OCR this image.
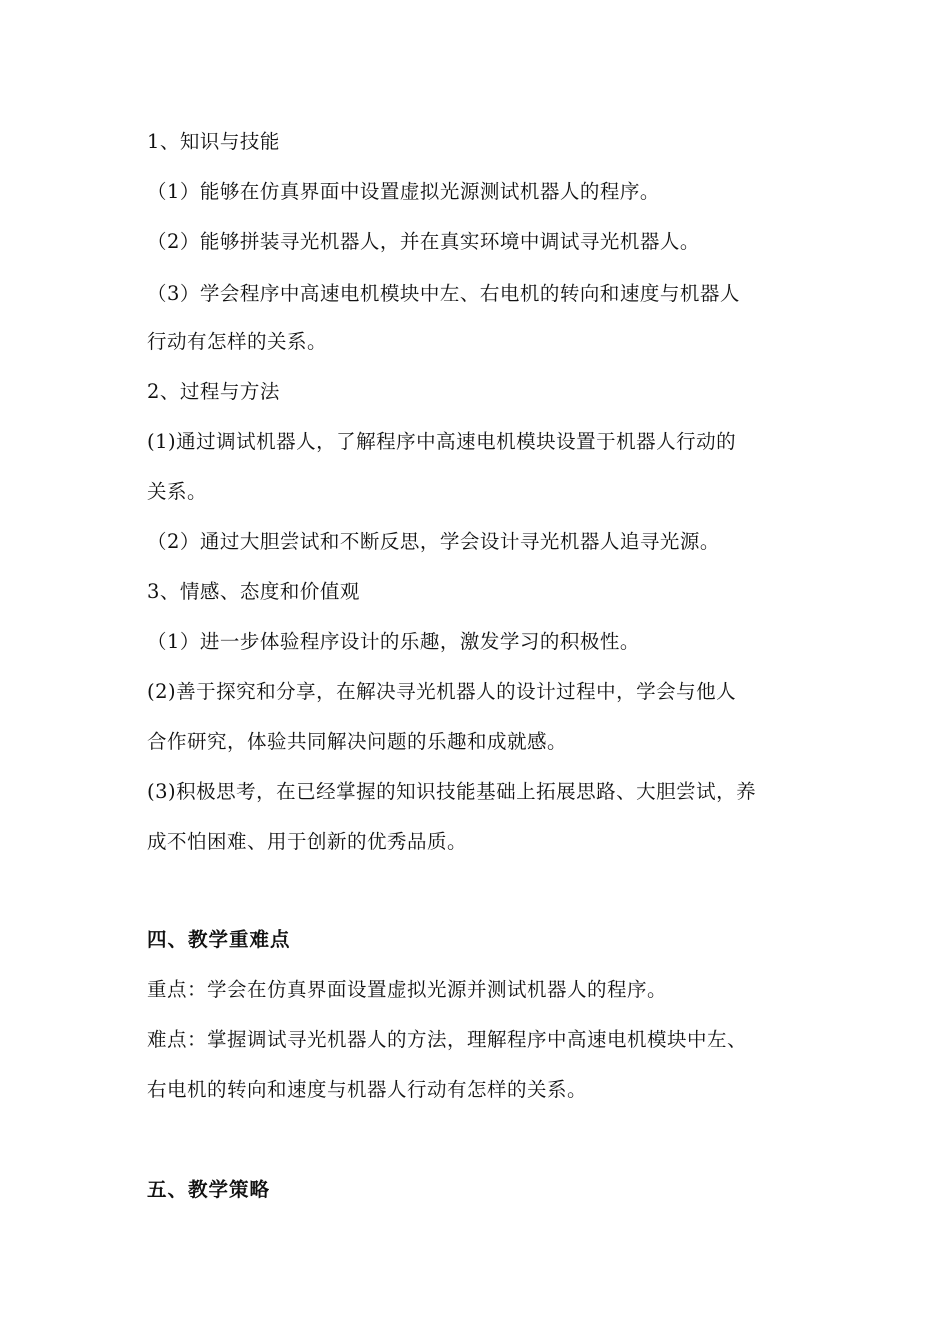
1、知识与技能
（1）能够在仿真界面中设置虚拟光源测试机器人的程序。
（2）能够拼装寻光机器人，并在真实环境中调试寻光机器人。
（3）学会程序中高速电机模块中左、右电机的转向和速度与机器人
行动有怎样的关系。
2、过程与方法
(1)通过调试机器人，了解程序中高速电机模块设置于机器人行动的
关系。
（2）通过大胆尝试和不断反思，学会设计寻光机器人追寻光源。
3、情感、态度和价值观
（1）进一步体验程序设计的乐趣，激发学习的积极性。
(2)善于探究和分享，在解决寻光机器人的设计过程中，学会与他人
合作研究，体验共同解决问题的乐趣和成就感。
(3)积极思考，在已经掌握的知识技能基础上拓展思路、大胆尝试，养
成不怕困难、用于创新的优秀品质。
四、教学重难点
重点：学会在仿真界面设置虚拟光源并测试机器人的程序。
难点：掌握调试寻光机器人的方法，理解程序中高速电机模块中左、
右电机的转向和速度与机器人行动有怎样的关系。
五、教学策略
